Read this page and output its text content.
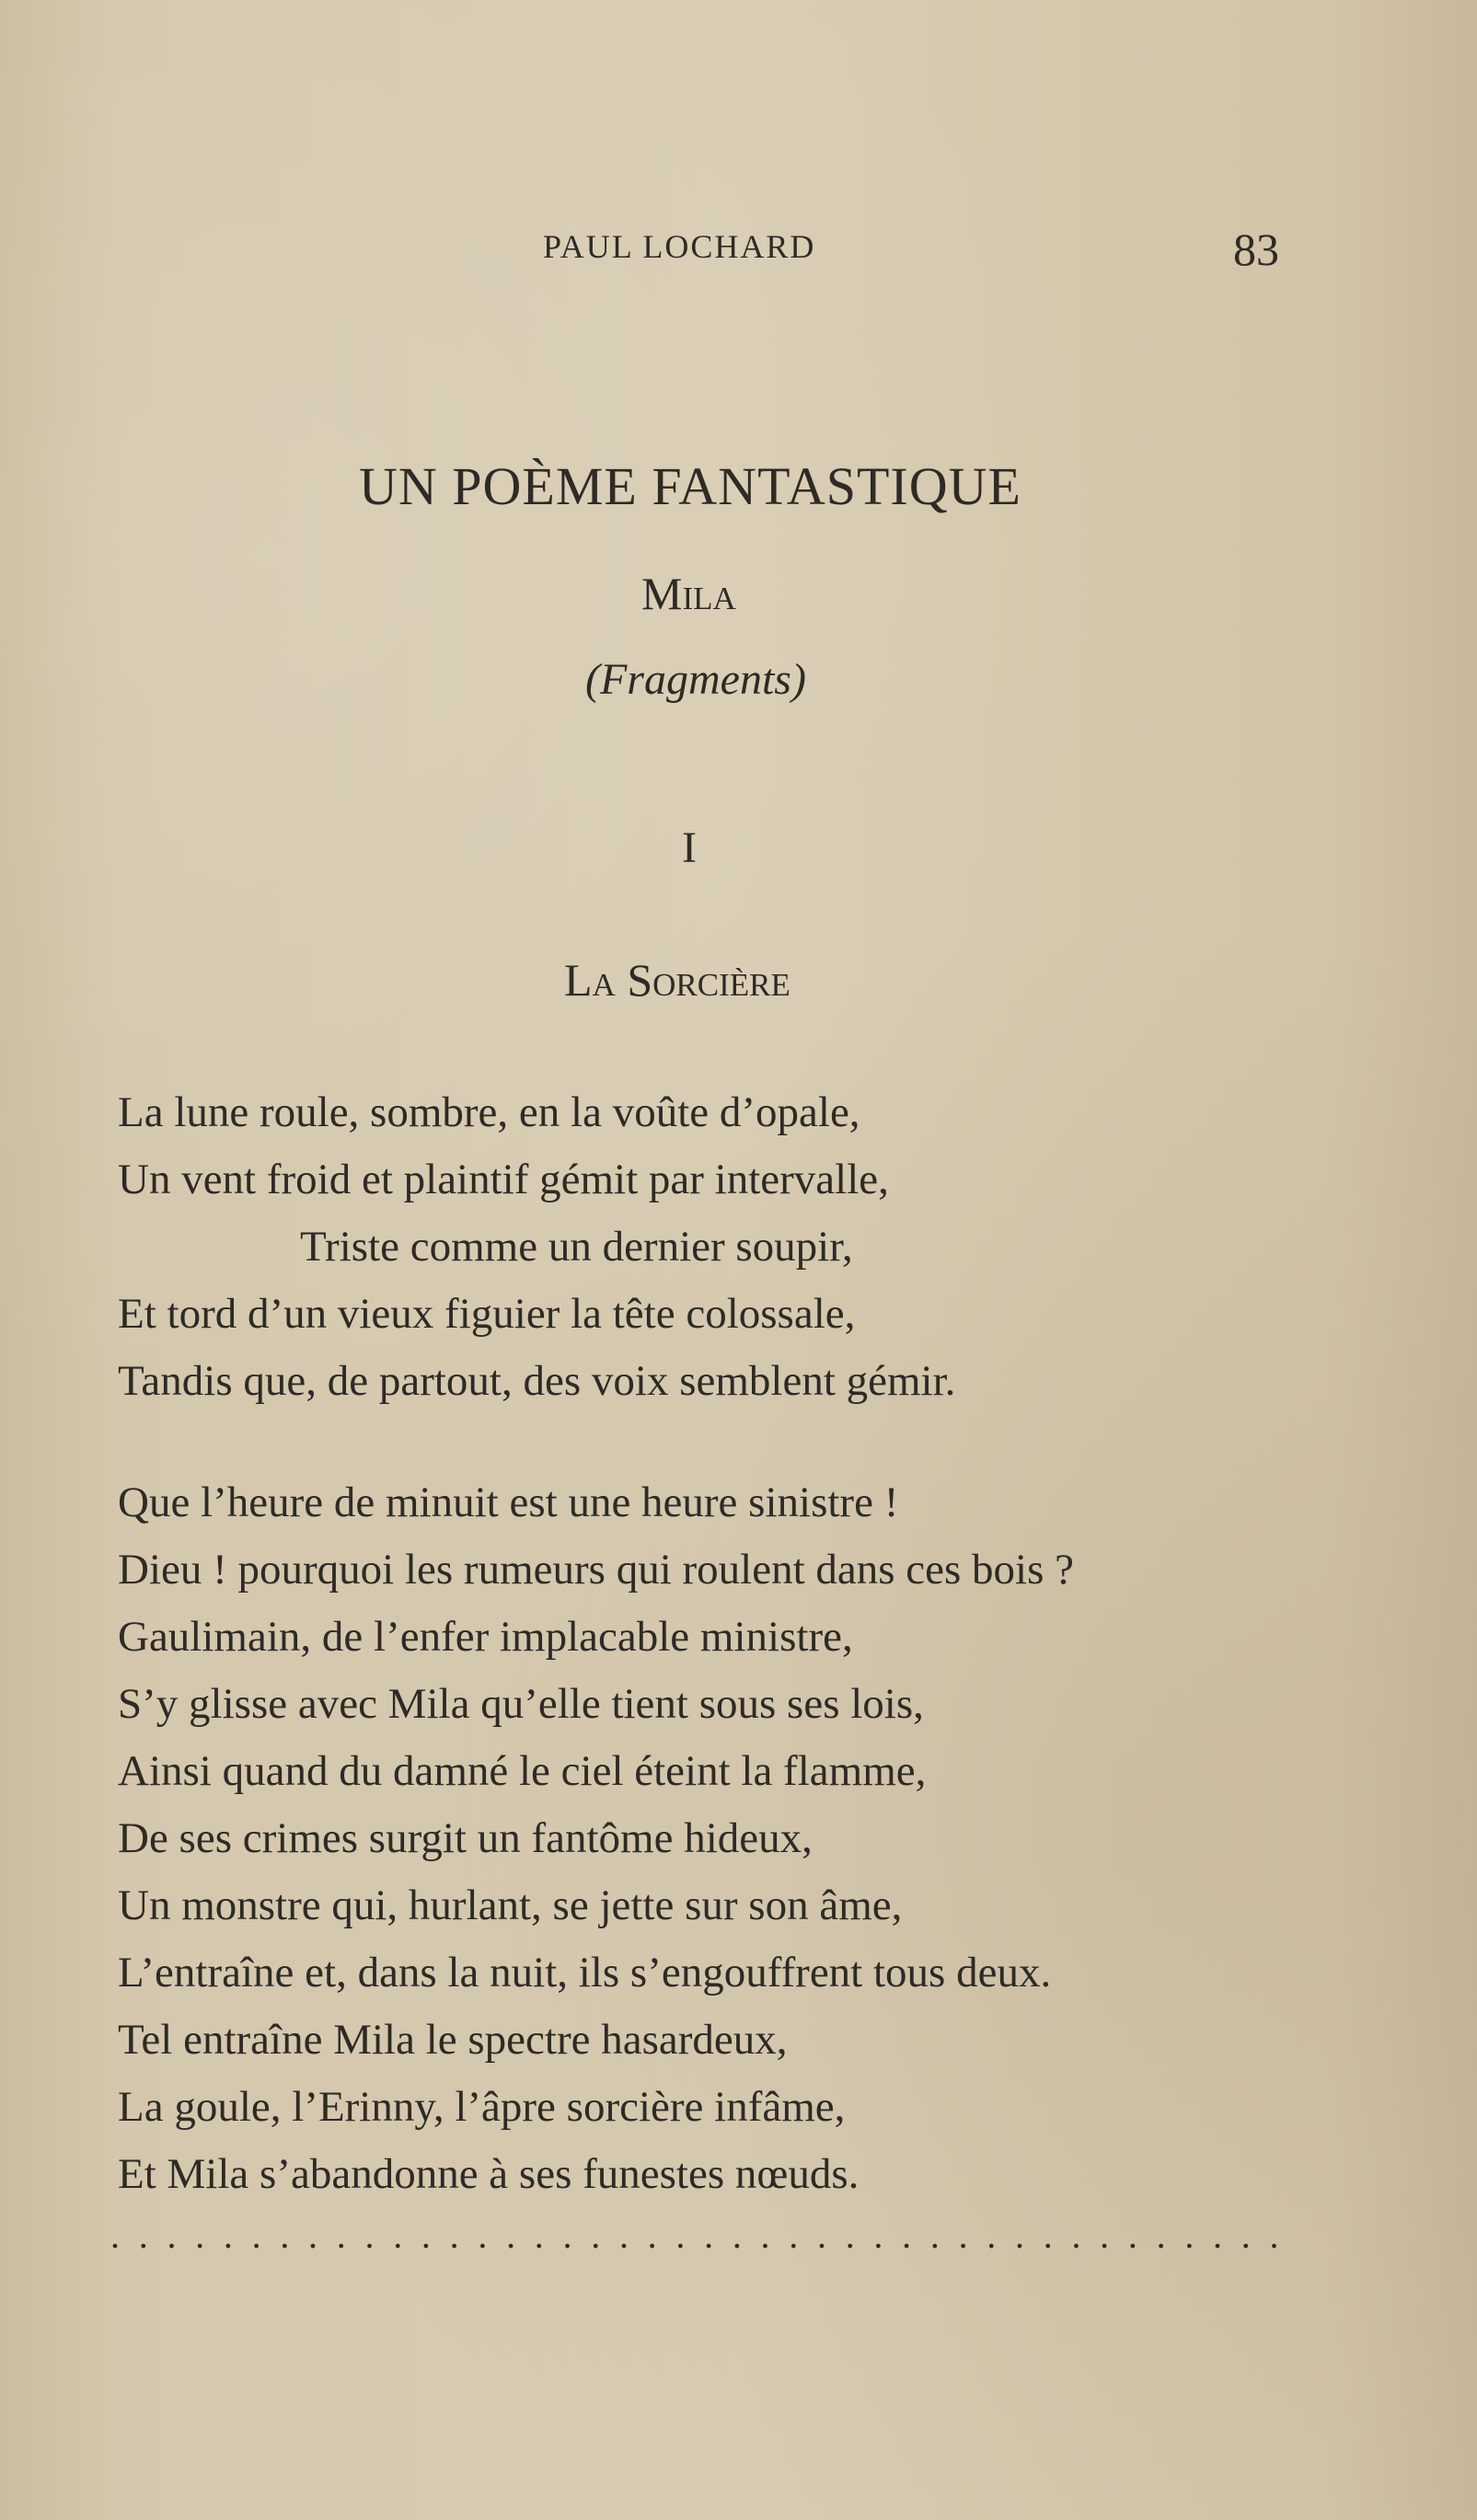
PAUL LOCHARD	83
UN POÈME FANTASTIQUE
Mila
(Fragments)
I
La Sorcière

La lune roule, sombre, en la voûte d’opale,

Un vent froid et plaintif gémit par intervalle,

Triste comme un dernier soupir,

Et tord d’un vieux figuier la tête colossale,

Tandis que, de partout, des voix semblent gémir.

Que l’heure de minuit est une heure sinistre !

Dieu ! pourquoi les rumeurs qui roulent dans ces bois ?

Gaulimain, de l’enfer implacable ministre,

S’y glisse avec Mila qu’elle tient sous ses lois,

Ainsi quand du damné le ciel éteint la flamme,

De ses crimes surgit un fantôme hideux,

Un monstre qui, hurlant, se jette sur son âme,

L’entraîne et, dans la nuit, ils s’engouffrent tous deux.

Tel entraîne Mila le spectre hasardeux,

La goule, l’Erinny, l’âpre sorcière infâme,

Et Mila s’abandonne à ses funestes nœuds.

. . . . . . . . . . . . . . . . . . . . . . . . . . . . . . . . . . . . . . . . . .
